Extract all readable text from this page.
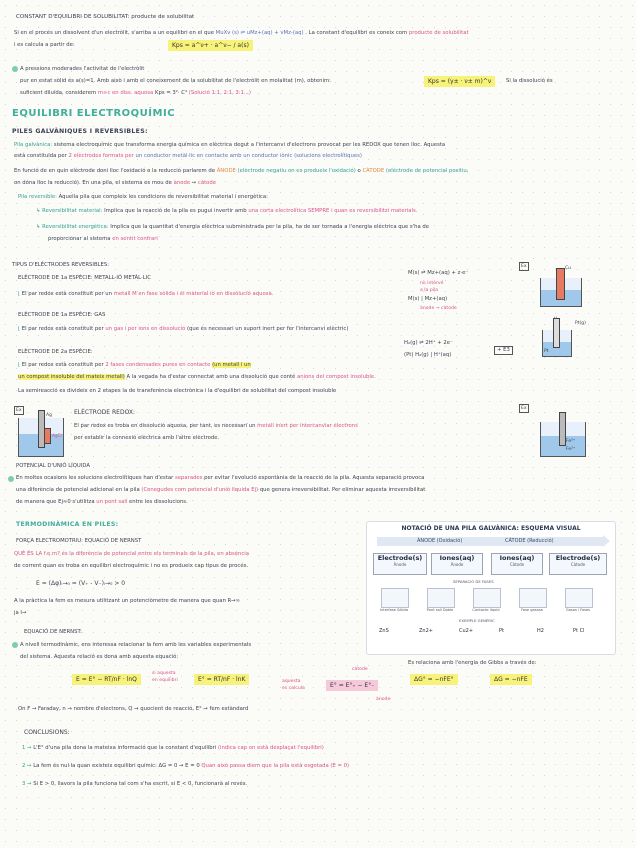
CONSTANT D'EQUILIBRI DE SOLUBILITAT: producte de solubilitat
Si en el procés un dissolvent d'un electròlit, s'arriba a un equilibri en el que MuXv (s) ⇌ uMz+(aq) + vMz-(aq) . La constant d'equilibri es coneix com producte de solubilitat
i es calcula a partir de:	Kps = a^ν+ · a^ν− / a(s)
A pressions moderades l'activitat de l'electròlit
pur en estat sòlid és a(s)=1. Amb això i amb el coneixement de la solubilitat de l'electròlit en molalitat (m), obtenim:	Kps = (γ± · ν± m)^ν	Si la dissolució és
suficient diluïda, considerem m≈c en diss. aquosa Kps = 3²· C⁴ (Solució 1:1, 2:1, 3:1...)
EQUILIBRI ELECTROQUÍMIC
PILES GALVÀNIQUES I REVERSIBLES:
Pila galvànica: sistema electroquímic que transforma energia química en elèctrica degut a l'intercanvi d'electrons provocat per les REDOX que tenen lloc. Aquesta
està constituïda per 2 elèctrodes formats per un conductor metàl·lic en contacte amb un conductor iònic (solucions electrolítiques)
En funció de en quin elèctrode doni lloc l'oxidació o la reducció parlarem de ÀNODE (elèctrode negatiu on es produeix l'oxidació) o CÀTODE (elèctrode de potencial positiu,
on dóna lloc la reducció). En una pila, el sistema es mou de ànode → càtode
Pila reversible: Aquella pila que compleix les condicions de reversibilitat material i energètica:
↳ Reversibilitat material: Implica que la reacció de la pila es pugui invertir amb una corta electrolítica SEMPRE i quan es reversibilitzi materials.
↳ Reversibilitat energètica: Implica que la quantitat d'energia elèctrica subministrada per la pila, ha de ser tornada a l'energia elèctrica que s'ha de
proporcionar al sistema en sentit contrari
TIPUS D'ELÈCTRODES REVERSIBLES:
ELÈCTRODE DE 1a ESPÈCIE: METALL-IÓ METÀL·LIC
⌊ El par redox està constituït per un metall M en fase sòlida i el material iò en dissolució aquosa.
M(s) ⇌ Mz+(aq) + z·e⁻
no intervé
a la pila
M(s) | Mz+(aq)
ànode → càtode
ELÈCTRODE DE 1a ESPÈCIE: GAS
⌊ El par redox està constituït per un gas i per ions en dissolució (que és necessari un suport inert per fer l'intercanvi elèctric)
ELÈCTRODE DE 2a ESPÈCIE:
⌊ El par redox està constituït per 2 fases condensades pures en contacte (un metall i un
un compost insoluble del mateix metall) A la vegada ha d'estar connectat amb una dissolució que conté anions del compost insoluble.
La semireacció es divideix en 2 etapes la de transferència electrònica i la d'equilibri de solubilitat del compost insoluble
H₂(g) ⇌ 2H⁺ + 2e⁻
(Pt) H₂(g) | H⁺(aq)
+ E3
ELÈCTRODE REDOX:
El par redox es troba en dissolució aquosa, per tant, es necessari un metall inert per intercanviar electrons
per establir la connexió elèctrica amb l'altre elèctrode.
POTENCIAL D'UNIÓ LÍQUIDA
En moltes ocasions les solucions electrolítiques han d'estar separades per evitar l'evolució espontània de la reacció de la pila. Aquesta separació provoca
una diferència de potencial adicional en la pila (Conegudes com potencial d'unió líquida Ej) que genera irreversibilitat. Per eliminar aquesta irreversibilitat
de manera que Ej≈0 s'utilitza un pont salí entre les dissolucions.
Ex	Cu
Pt(g)
Pt
Ex
Ag
AgCl
Ex
Fe³⁺
Fe²⁺
TERMODINÀMICA EN PILES:
FORÇA ELECTROMOTRIU: EQUACIÓ DE NERNST
QUÈ ÉS LA f.e.m? és la diferència de potencial entre els terminals de la pila, en absència
de corrent quan es troba en equilibri electroquímic i no es produeix cap tipus de procés.
E = (Δφ)ᵢ→₀ = (V₊ - V₋)ᵢ→₀ > 0
A la pràctica la fem es mesura utilitzant un potenciòmetre de manera que quan R→∞
ja I→
EQUACIÓ DE NERNST:
A nivell termodinàmic, ens interessa relacionar la fem amb les variables experimentals
del sistema. Aquesta relació es dona amb aquesta equació:
E = E° − RT/nF · lnQ
si aquesta
en equilibri	E° = RT/nF · lnK	aquesta
es calcula	E° = E°₊ − E°₋
càtode
ànode
Es relaciona amb l'energia de Gibbs a través de:
ΔG° = −nFE°	ΔG = −nFE
On F → Faraday, n → nombre d'electrons, Q → quocient de reacció, E° → fem estàndard
CONCLUSIONS:
1 → L'E° d'una pila dona la mateixa informació que la constant d'equilibri (indica cap on està desplaçat l'equilibri)
2 → La fem és nul·la quan existeix equilibri químic: ΔG = 0 → E = 0 Quan això passa diem que la pila està esgotada (E = 0)
3 → Si E > 0, llavors la pila funciona tal com s'ha escrit, si E < 0, funcionarà al revés.
NOTACIÓ DE UNA PILA GALVÀNICA: ESQUEMA VISUAL
ÀNODE (Oxidació)	CÀTODE (Reducció)
Electrode(s)
Ànode
Iones(aq)
Ànode
Iones(aq)
Càtode
Electrode(s)
Càtode
SEPARACIÓ DE FASES
Interfase Sòlida	Pont salí Doble	Contacte líquid	Fase gasosa	Gasos i Fases
EXEMPLE GENÈRIC
ZnS	Zn2+	Cu2+	Pt	H2	Pt Cl
